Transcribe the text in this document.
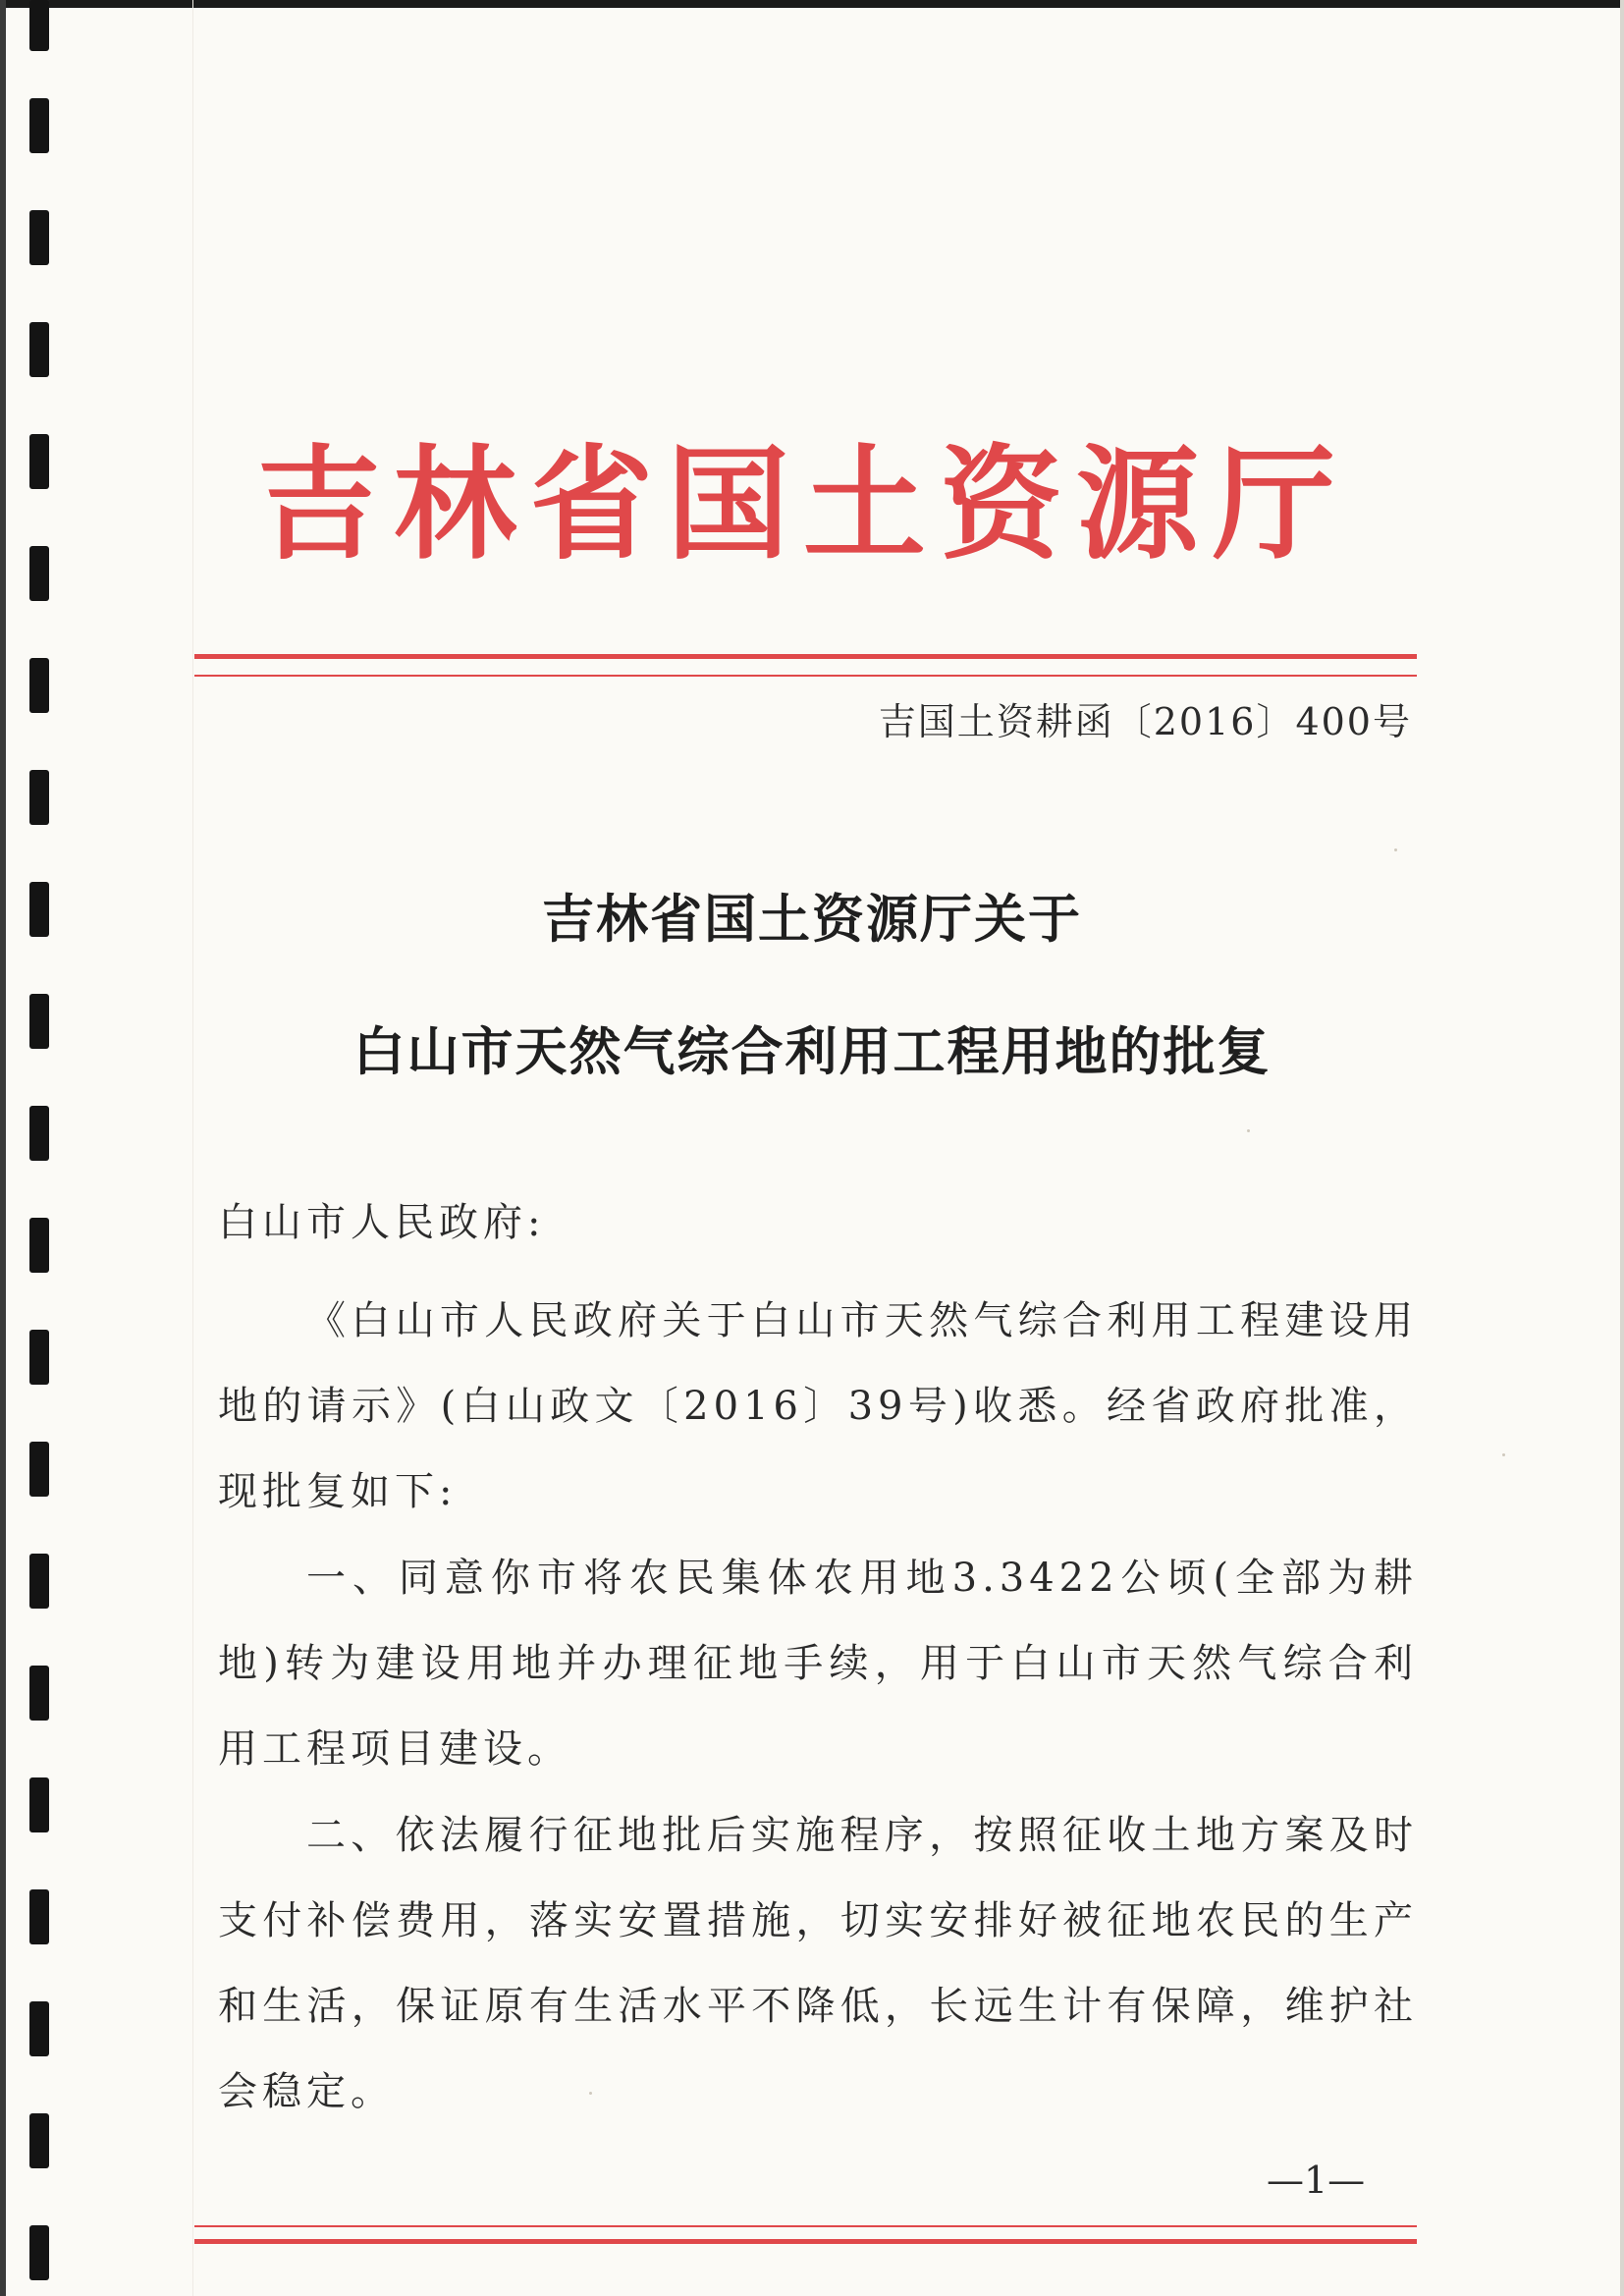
吉林省国土资源厅
吉国土资耕函〔2016〕400号
吉林省国土资源厅关于
白山市天然气综合利用工程用地的批复
白山市人民政府:

《白山市人民政府关于白山市天然气综合利用工程建设用地的请示》(白山政文〔2016〕39号)收悉。经省政府批准，现批复如下:

一、同意你市将农民集体农用地3.3422公顷(全部为耕地)转为建设用地并办理征地手续，用于白山市天然气综合利用工程项目建设。

二、依法履行征地批后实施程序，按照征收土地方案及时支付补偿费用，落实安置措施，切实安排好被征地农民的生产和生活，保证原有生活水平不降低，长远生计有保障，维护社会稳定。

—1—
